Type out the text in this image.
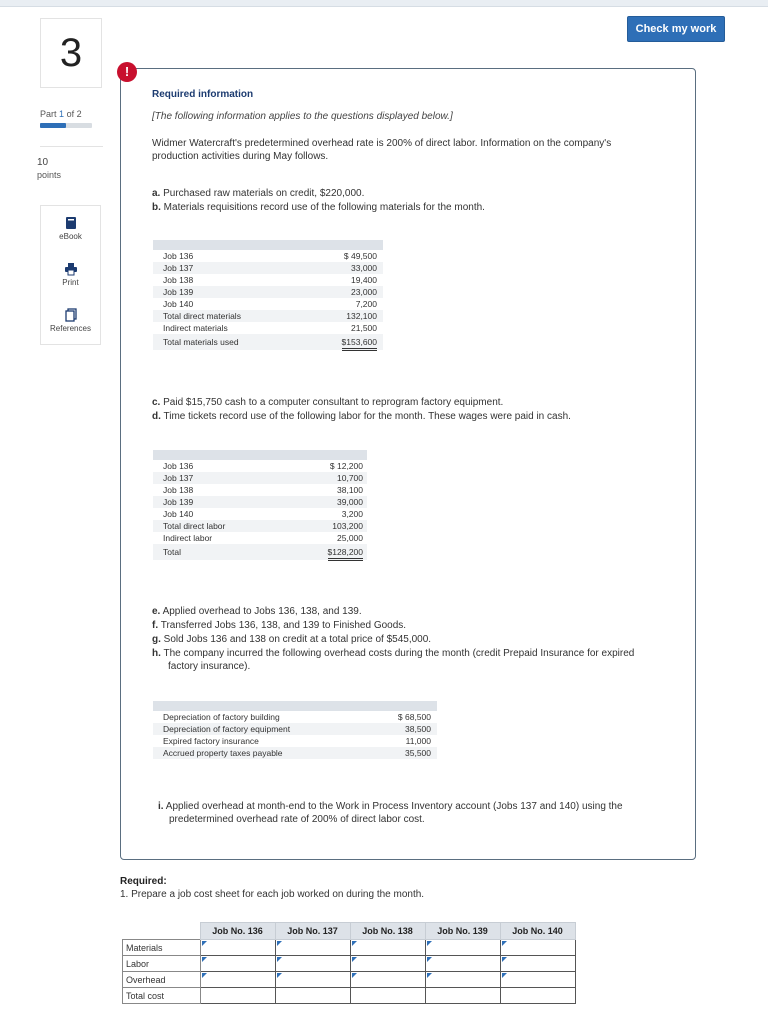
Check my work
3
Part 1 of 2
10
points
eBook
Print
References
Required information
[The following information applies to the questions displayed below.]
Widmer Watercraft's predetermined overhead rate is 200% of direct labor. Information on the company's production activities during May follows.
a. Purchased raw materials on credit, $220,000.
b. Materials requisitions record use of the following materials for the month.
Job 136	$ 49,500
Job 137	33,000
Job 138	19,400
Job 139	23,000
Job 140	7,200
Total direct materials	132,100
Indirect materials	21,500
Total materials used	$153,600
c. Paid $15,750 cash to a computer consultant to reprogram factory equipment.
d. Time tickets record use of the following labor for the month. These wages were paid in cash.
Job 136	$ 12,200
Job 137	10,700
Job 138	38,100
Job 139	39,000
Job 140	3,200
Total direct labor	103,200
Indirect labor	25,000
Total	$128,200
e. Applied overhead to Jobs 136, 138, and 139.
f. Transferred Jobs 136, 138, and 139 to Finished Goods.
g. Sold Jobs 136 and 138 on credit at a total price of $545,000.
h. The company incurred the following overhead costs during the month (credit Prepaid Insurance for expired factory insurance).
Depreciation of factory building	$ 68,500
Depreciation of factory equipment	38,500
Expired factory insurance	11,000
Accrued property taxes payable	35,500
i. Applied overhead at month-end to the Work in Process Inventory account (Jobs 137 and 140) using the predetermined overhead rate of 200% of direct labor cost.
!
Required:
1. Prepare a job cost sheet for each job worked on during the month.
	Job No. 136	Job No. 137	Job No. 138	Job No. 139	Job No. 140
Materials	

Labor	

Overhead	

Total cost					
